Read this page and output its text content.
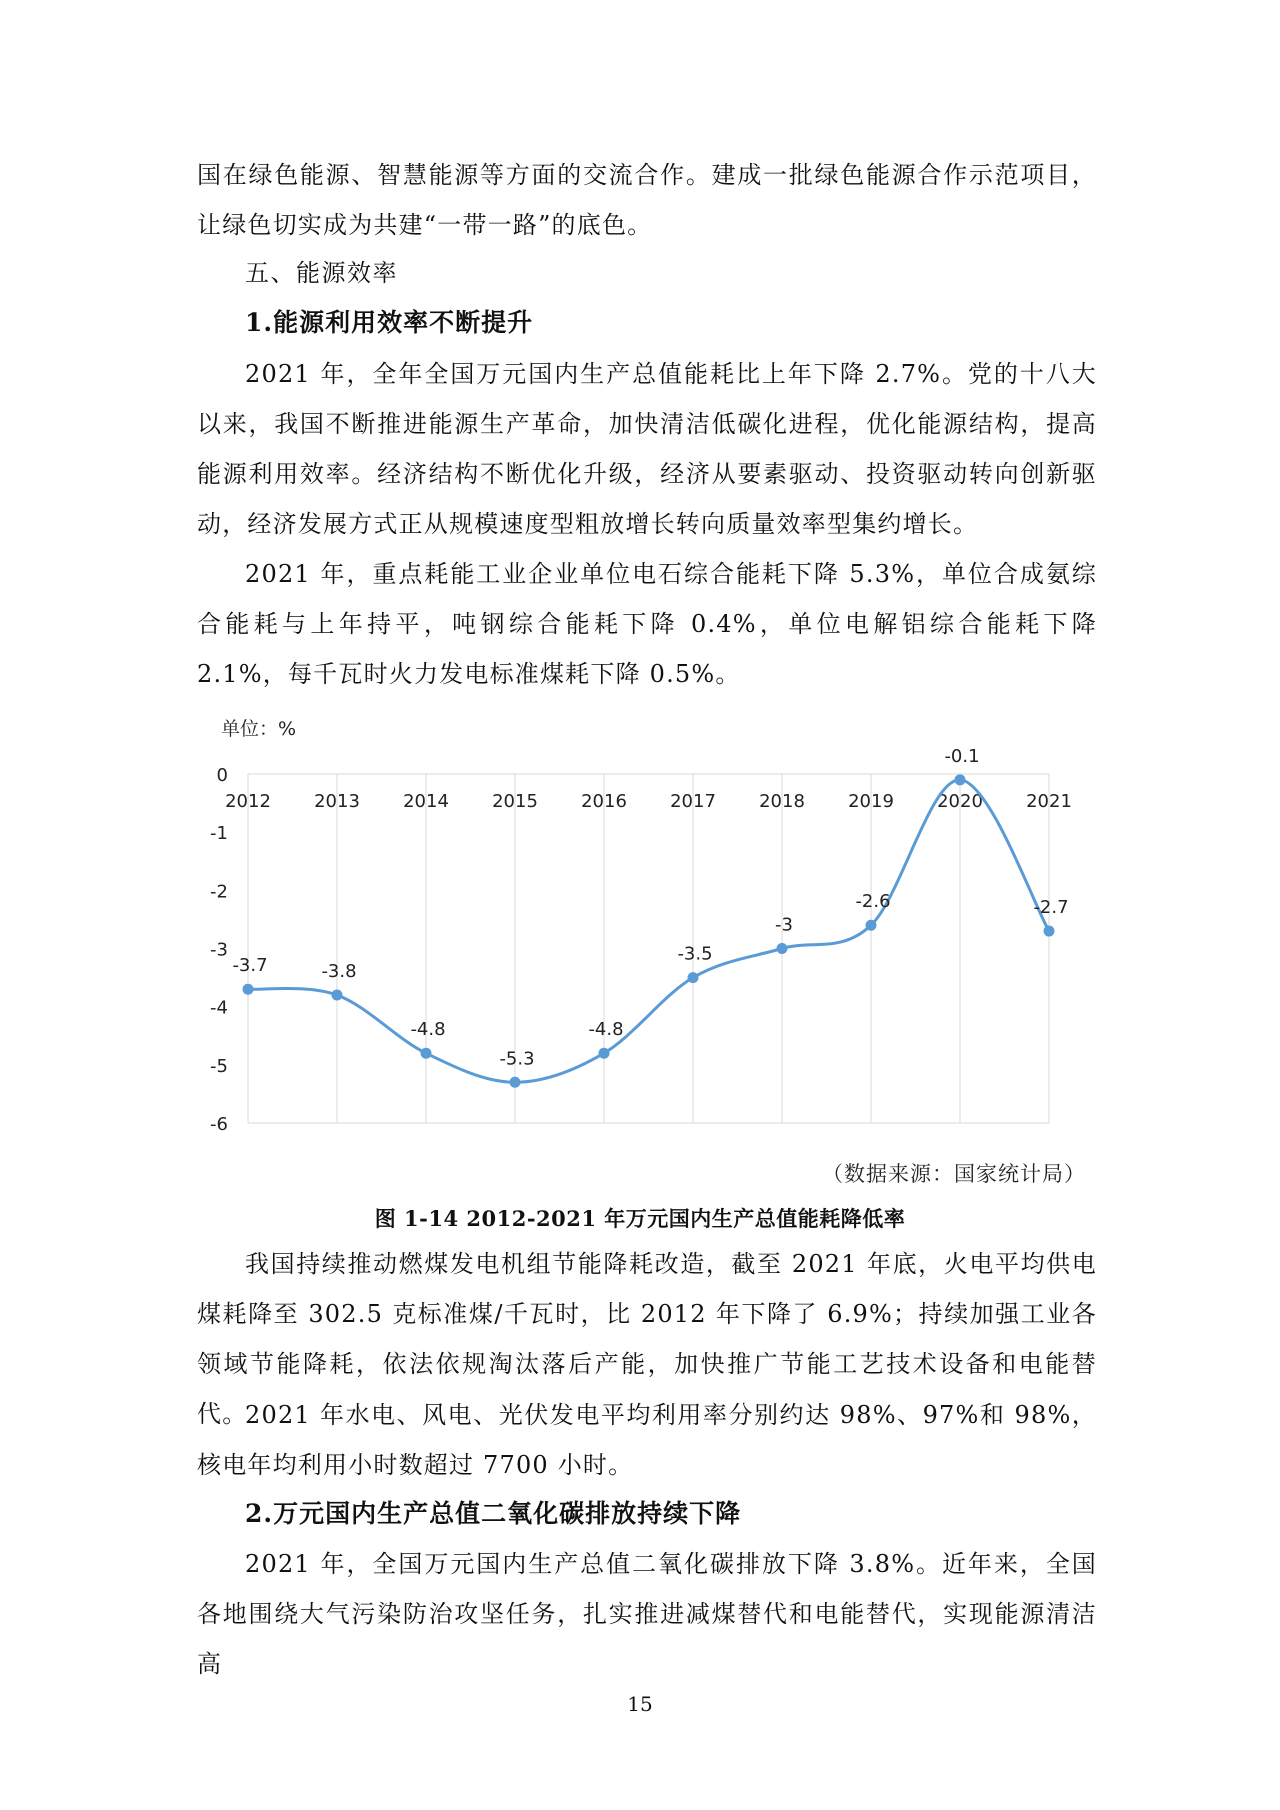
国在绿色能源、智慧能源等方面的交流合作。建成一批绿色能源合作示范项目，让绿色切实成为共建“一带一路”的底色。

五、能源效率

1.能源利用效率不断提升

2021 年，全年全国万元国内生产总值能耗比上年下降 2.7%。党的十八大以来，我国不断推进能源生产革命，加快清洁低碳化进程，优化能源结构，提高能源利用效率。经济结构不断优化升级，经济从要素驱动、投资驱动转向创新驱动，经济发展方式正从规模速度型粗放增长转向质量效率型集约增长。

2021 年，重点耗能工业企业单位电石综合能耗下降 5.3%，单位合成氨综合能耗与上年持平，吨钢综合能耗下降 0.4%，单位电解铝综合能耗下降 2.1%，每千瓦时火力发电标准煤耗下降 0.5%。

单位：%
0
-1
-2
-3
-4
-5
-6
2012 2013 2014 2015 2016 2017 2018 2019 2020 2021
-3.7	-3.8
-4.8
-5.3
-4.8
-3.5
-3
-2.6
-0.1
-2.7
（数据来源：国家统计局）
图 1-14 2012-2021 年万元国内生产总值能耗降低率

我国持续推动燃煤发电机组节能降耗改造，截至 2021 年底，火电平均供电煤耗降至 302.5 克标准煤/千瓦时，比 2012 年下降了 6.9%；持续加强工业各领域节能降耗，依法依规淘汰落后产能，加快推广节能工艺技术设备和电能替代。

2021 年水电、风电、光伏发电平均利用率分别约达 98%、97%和 98%，核电年均利用小时数超过 7700 小时。

2.万元国内生产总值二氧化碳排放持续下降

2021 年，全国万元国内生产总值二氧化碳排放下降 3.8%。近年来，全国各地围绕大气污染防治攻坚任务，扎实推进减煤替代和电能替代，实现能源清洁高

15
